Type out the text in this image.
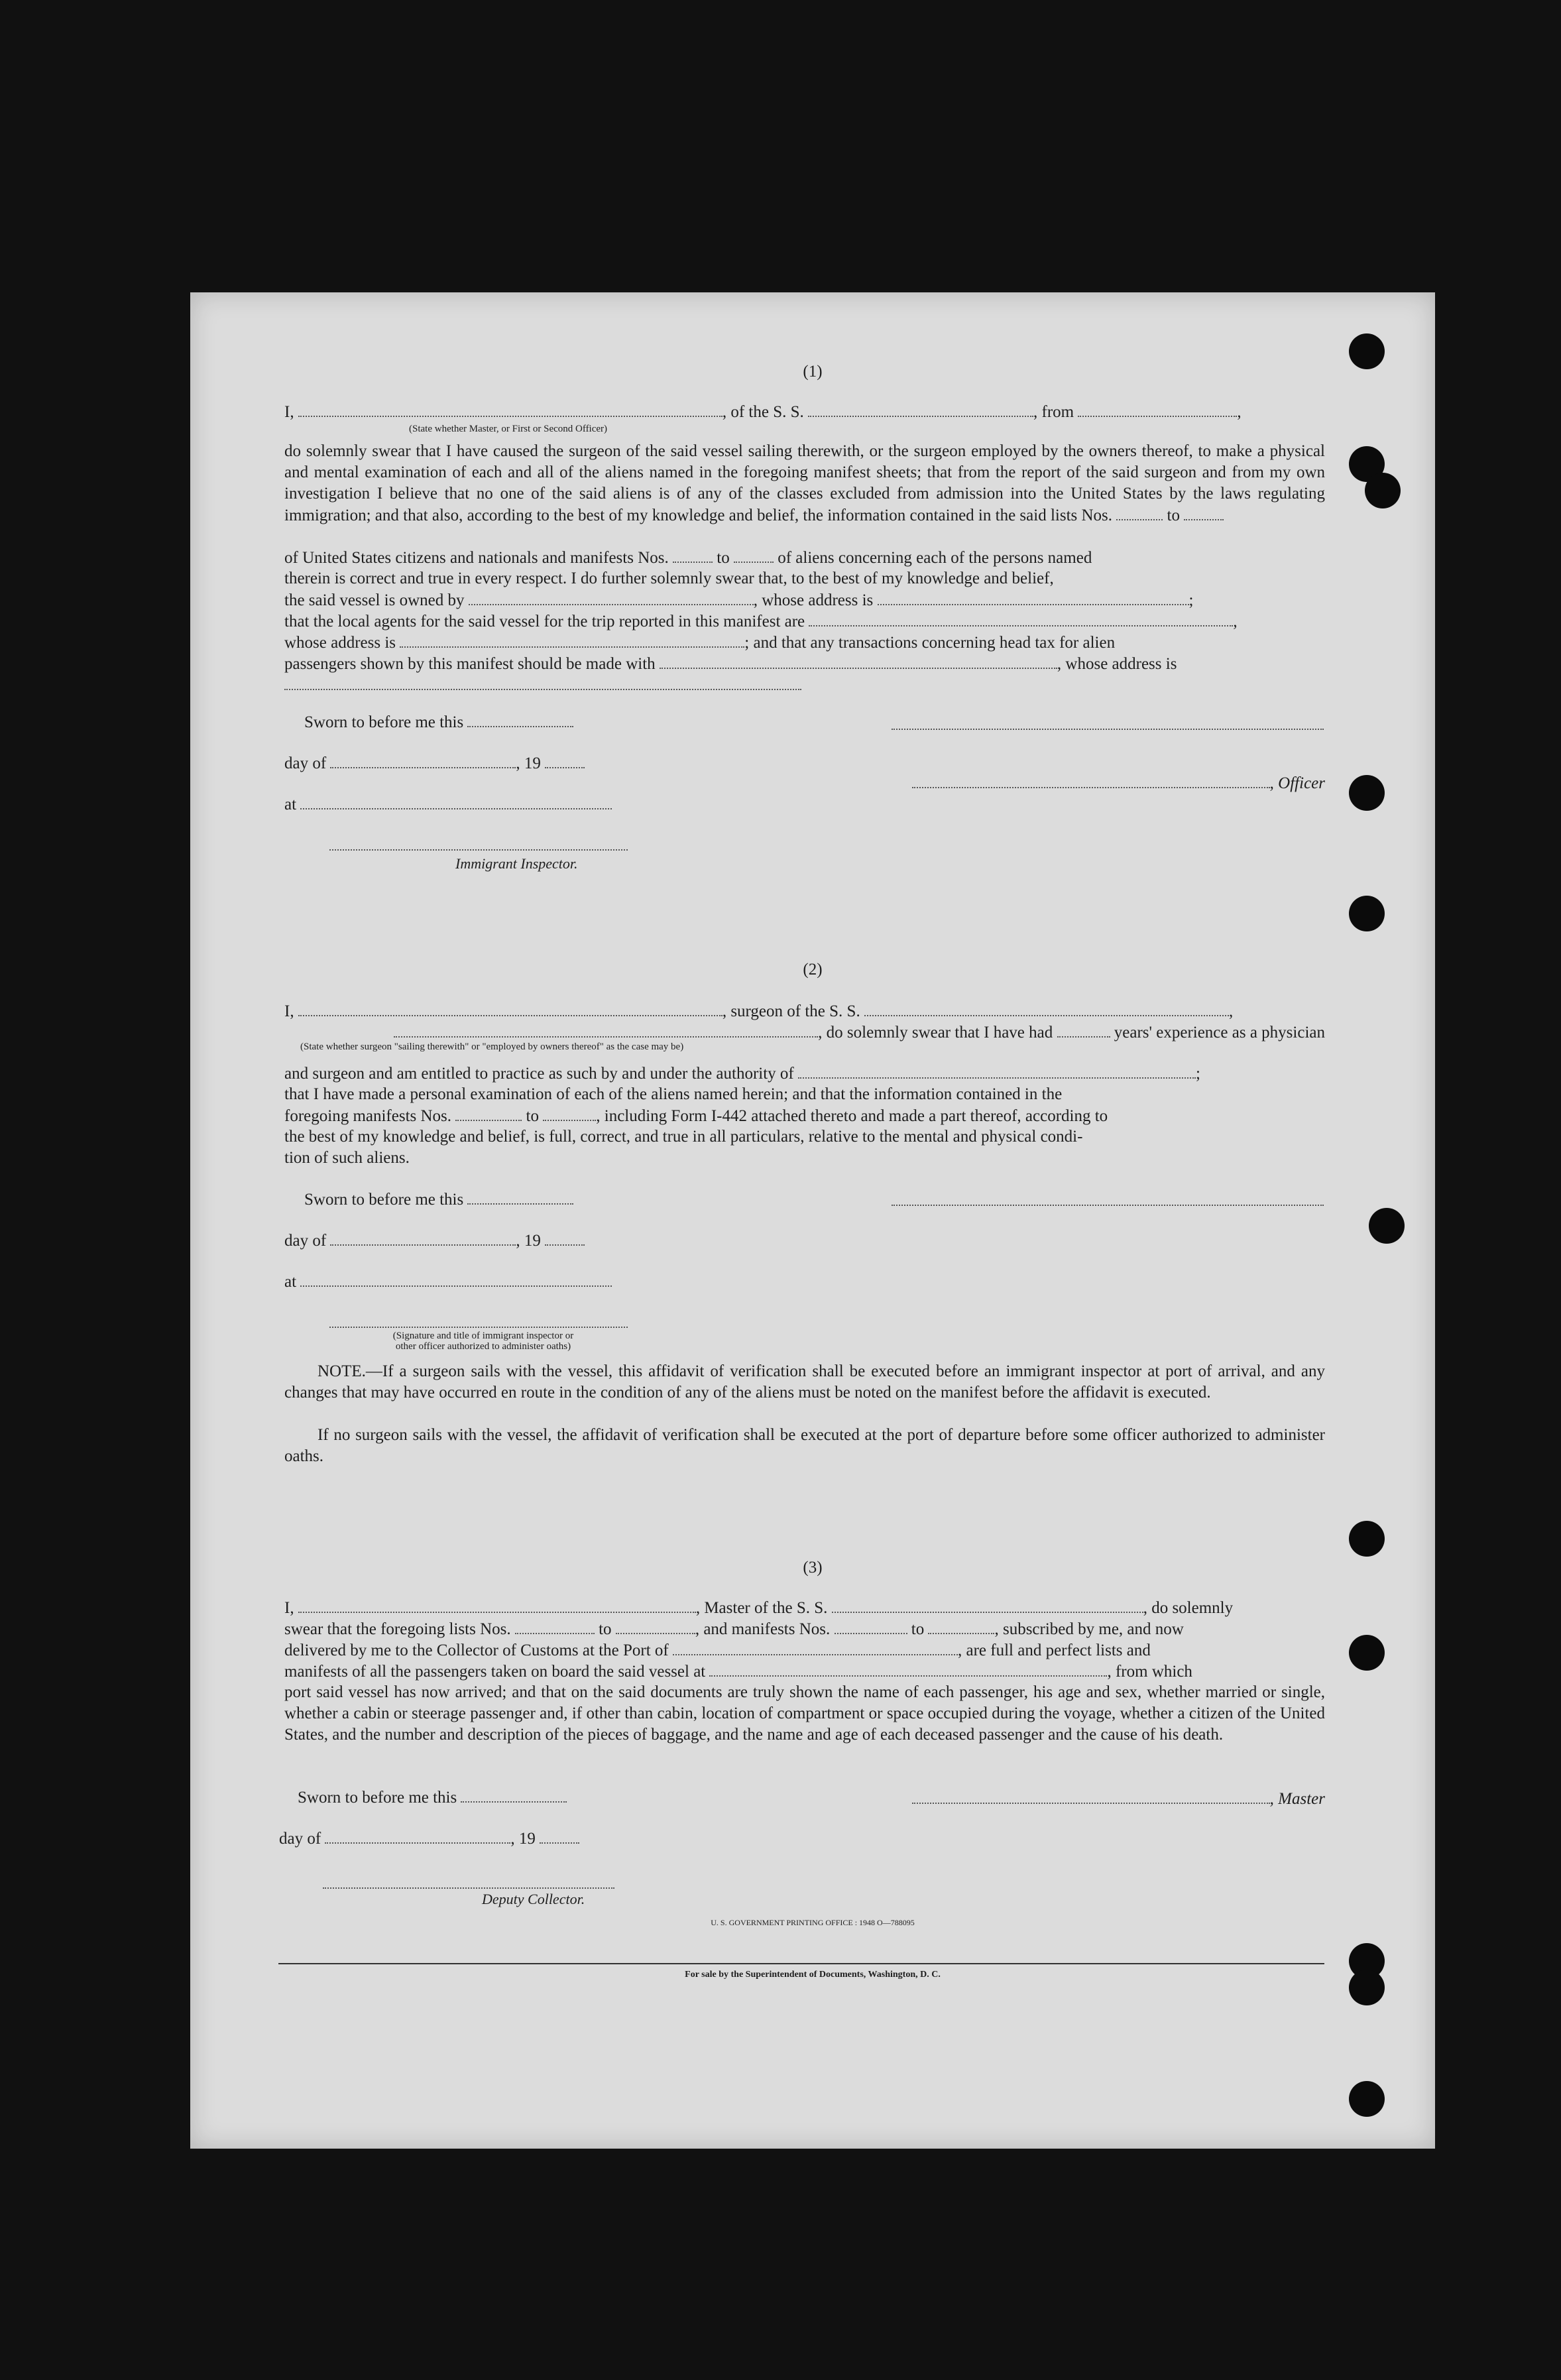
(1)
I,	, of the S. S.	, from	,
(State whether Master, or First or Second Officer)
do solemnly swear that I have caused the surgeon of the said vessel sailing therewith, or the surgeon employed by the owners thereof, to make a physical and mental examination of each and all of the aliens named in the foregoing manifest sheets; that from the report of the said surgeon and from my own investigation I believe that no one of the said aliens is of any of the classes excluded from admission into the United States by the laws regulating immigration; and that also, according to the best of my knowledge and belief, the information contained in the said lists Nos.	to
of United States citizens and nationals and manifests Nos.	to	of aliens concerning each of the persons named
therein is correct and true in every respect. I do further solemnly swear that, to the best of my knowledge and belief,
the said vessel is owned by	, whose address is	;
that the local agents for the said vessel for the trip reported in this manifest are	,
whose address is	; and that any transactions concerning head tax for alien
passengers shown by this manifest should be made with	, whose address is
Sworn to before me this
day of	, 19
, Officer
at
Immigrant Inspector.
(2)
I,	, surgeon of the S. S.	,
, do solemnly swear that I have had	years' experience as a physician
(State whether surgeon "sailing therewith" or "employed by owners thereof" as the case may be)
and surgeon and am entitled to practice as such by and under the authority of	;
that I have made a personal examination of each of the aliens named herein; and that the information contained in the
foregoing manifests Nos.	to	, including Form I-442 attached thereto and made a part thereof, according to
the best of my knowledge and belief, is full, correct, and true in all particulars, relative to the mental and physical condi-
tion of such aliens.
Sworn to before me this
day of	, 19
at
(Signature and title of immigrant inspector or
other officer authorized to administer oaths)
NOTE.—If a surgeon sails with the vessel, this affidavit of verification shall be executed before an immigrant inspector at port of arrival, and any changes that may have occurred en route in the condition of any of the aliens must be noted on the manifest before the affidavit is executed.
If no surgeon sails with the vessel, the affidavit of verification shall be executed at the port of departure before some officer authorized to administer oaths.
(3)
I,	, Master of the S. S.	, do solemnly
swear that the foregoing lists Nos.	to	, and manifests Nos.	to	, subscribed by me, and now
delivered by me to the Collector of Customs at the Port of	, are full and perfect lists and
manifests of all the passengers taken on board the said vessel at	, from which
port said vessel has now arrived; and that on the said documents are truly shown the name of each passenger, his age and sex, whether married or single, whether a cabin or steerage passenger and, if other than cabin, location of compartment or space occupied during the voyage, whether a citizen of the United States, and the number and description of the pieces of baggage, and the name and age of each deceased passenger and the cause of his death.
Sworn to before me this	, Master
day of	, 19
Deputy Collector.
U. S. GOVERNMENT PRINTING OFFICE : 1948 O—788095
For sale by the Superintendent of Documents, Washington, D. C.
